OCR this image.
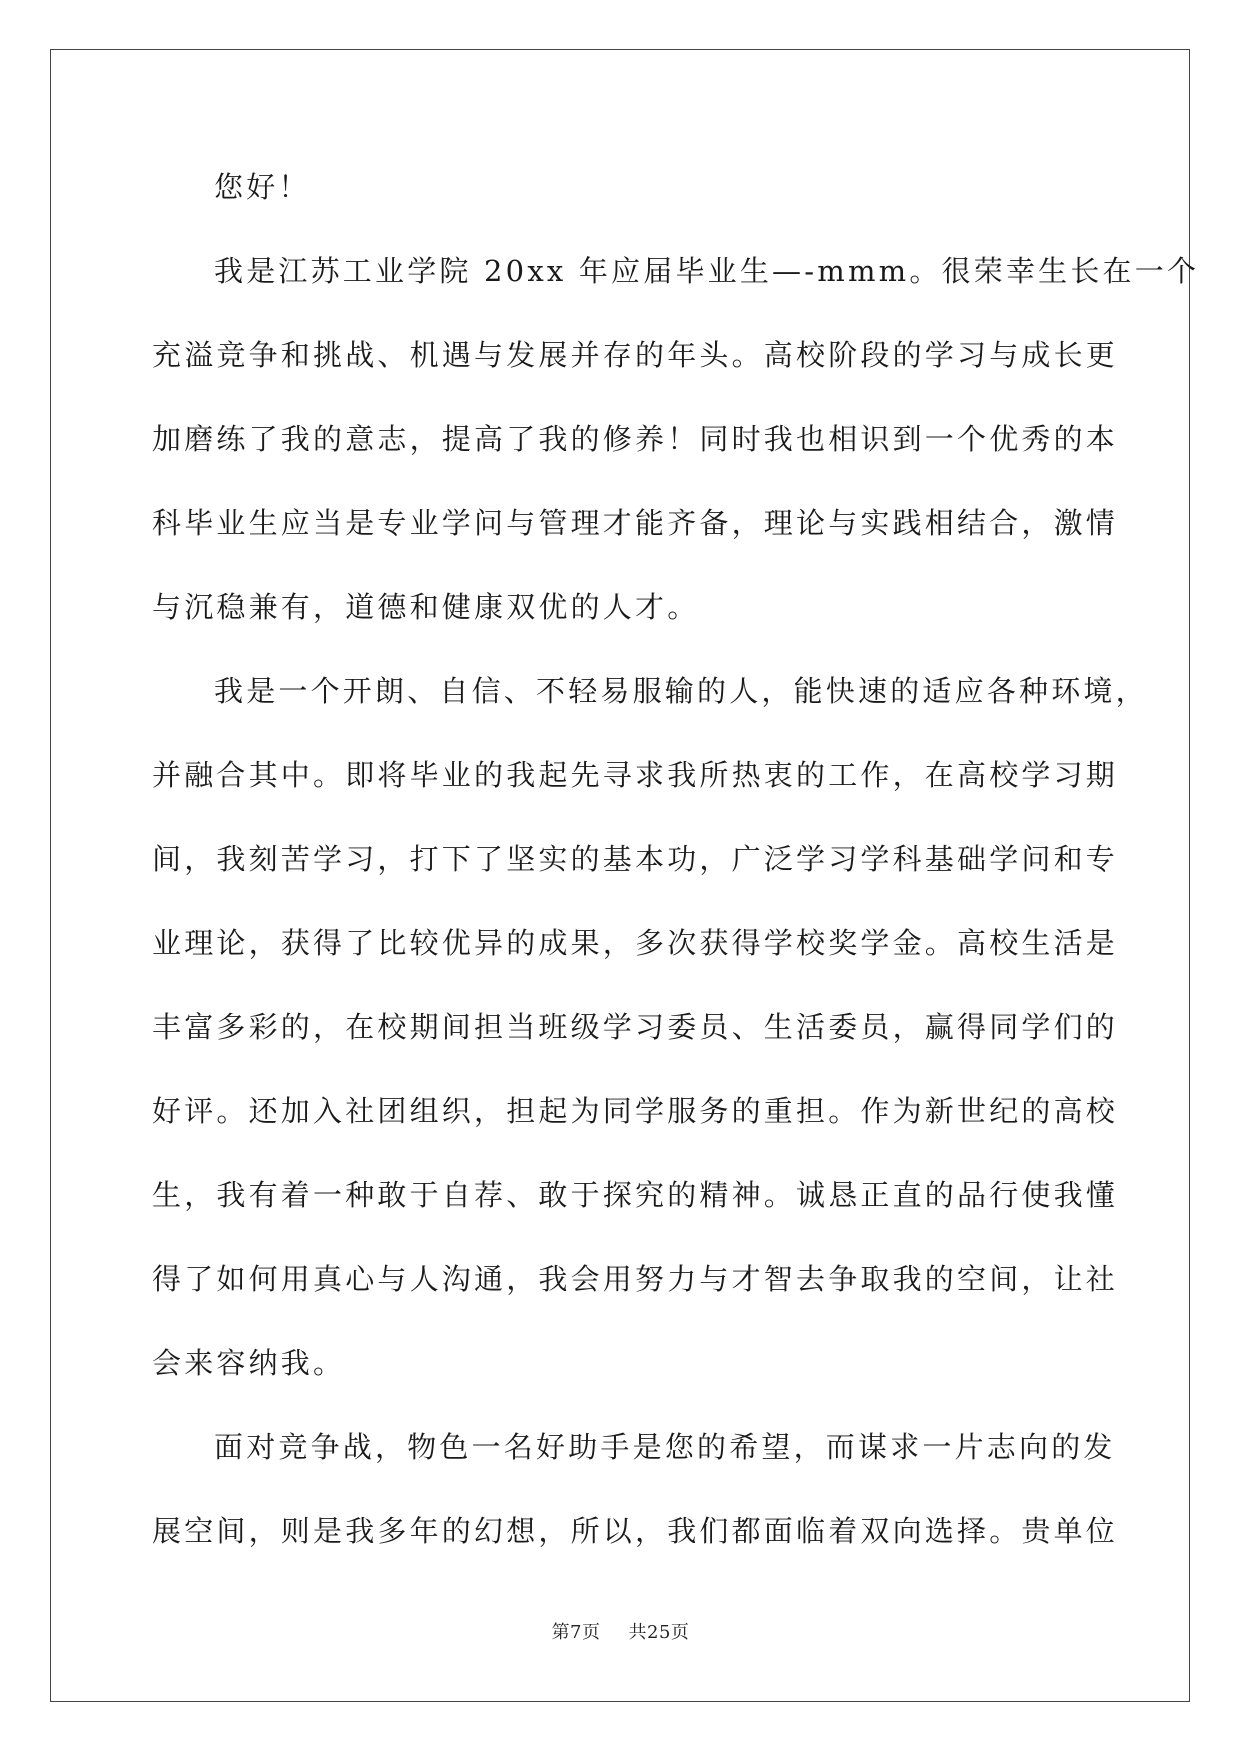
您好！
我是江苏工业学院 20xx 年应届毕业生—-mmm。很荣幸生长在一个
充溢竞争和挑战、机遇与发展并存的年头。高校阶段的学习与成长更
加磨练了我的意志，提高了我的修养！同时我也相识到一个优秀的本
科毕业生应当是专业学问与管理才能齐备，理论与实践相结合，激情
与沉稳兼有，道德和健康双优的人才。
我是一个开朗、自信、不轻易服输的人，能快速的适应各种环境，
并融合其中。即将毕业的我起先寻求我所热衷的工作，在高校学习期
间，我刻苦学习，打下了坚实的基本功，广泛学习学科基础学问和专
业理论，获得了比较优异的成果，多次获得学校奖学金。高校生活是
丰富多彩的，在校期间担当班级学习委员、生活委员，赢得同学们的
好评。还加入社团组织，担起为同学服务的重担。作为新世纪的高校
生，我有着一种敢于自荐、敢于探究的精神。诚恳正直的品行使我懂
得了如何用真心与人沟通，我会用努力与才智去争取我的空间，让社
会来容纳我。
面对竞争战，物色一名好助手是您的希望，而谋求一片志向的发
展空间，则是我多年的幻想，所以，我们都面临着双向选择。贵单位
第7页 共25页
